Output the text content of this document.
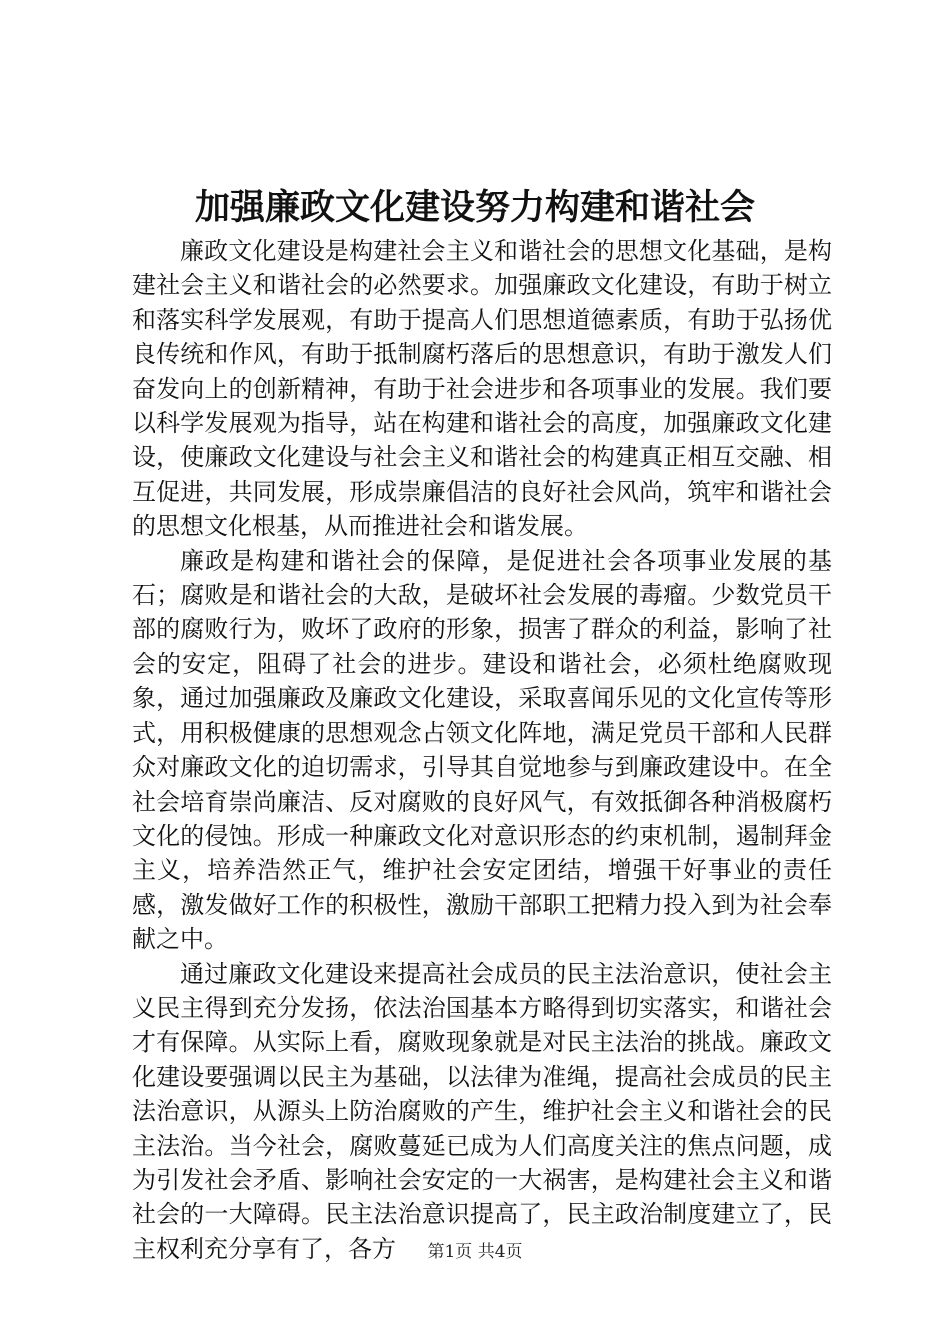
加强廉政文化建设努力构建和谐社会

廉政文化建设是构建社会主义和谐社会的思想文化基础，是构建社会主义和谐社会的必然要求。加强廉政文化建设，有助于树立和落实科学发展观，有助于提高人们思想道德素质，有助于弘扬优良传统和作风，有助于抵制腐朽落后的思想意识，有助于激发人们奋发向上的创新精神，有助于社会进步和各项事业的发展。我们要以科学发展观为指导，站在构建和谐社会的高度，加强廉政文化建设，使廉政文化建设与社会主义和谐社会的构建真正相互交融、相互促进，共同发展，形成崇廉倡洁的良好社会风尚，筑牢和谐社会的思想文化根基，从而推进社会和谐发展。

廉政是构建和谐社会的保障，是促进社会各项事业发展的基石；腐败是和谐社会的大敌，是破坏社会发展的毒瘤。少数党员干部的腐败行为，败坏了政府的形象，损害了群众的利益，影响了社会的安定，阻碍了社会的进步。建设和谐社会，必须杜绝腐败现象，通过加强廉政及廉政文化建设，采取喜闻乐见的文化宣传等形式，用积极健康的思想观念占领文化阵地，满足党员干部和人民群众对廉政文化的迫切需求，引导其自觉地参与到廉政建设中。在全社会培育崇尚廉洁、反对腐败的良好风气，有效抵御各种消极腐朽文化的侵蚀。形成一种廉政文化对意识形态的约束机制，遏制拜金主义，培养浩然正气，维护社会安定团结，增强干好事业的责任感，激发做好工作的积极性，激励干部职工把精力投入到为社会奉献之中。

通过廉政文化建设来提高社会成员的民主法治意识，使社会主义民主得到充分发扬，依法治国基本方略得到切实落实，和谐社会才有保障。从实际上看，腐败现象就是对民主法治的挑战。廉政文化建设要强调以民主为基础，以法律为准绳，提高社会成员的民主法治意识，从源头上防治腐败的产生，维护社会主义和谐社会的民主法治。当今社会，腐败蔓延已成为人们高度关注的焦点问题，成为引发社会矛盾、影响社会安定的一大祸害，是构建社会主义和谐社会的一大障碍。民主法治意识提高了，民主政治制度建立了，民主权利充分享有了，各方	第1页 共4页
